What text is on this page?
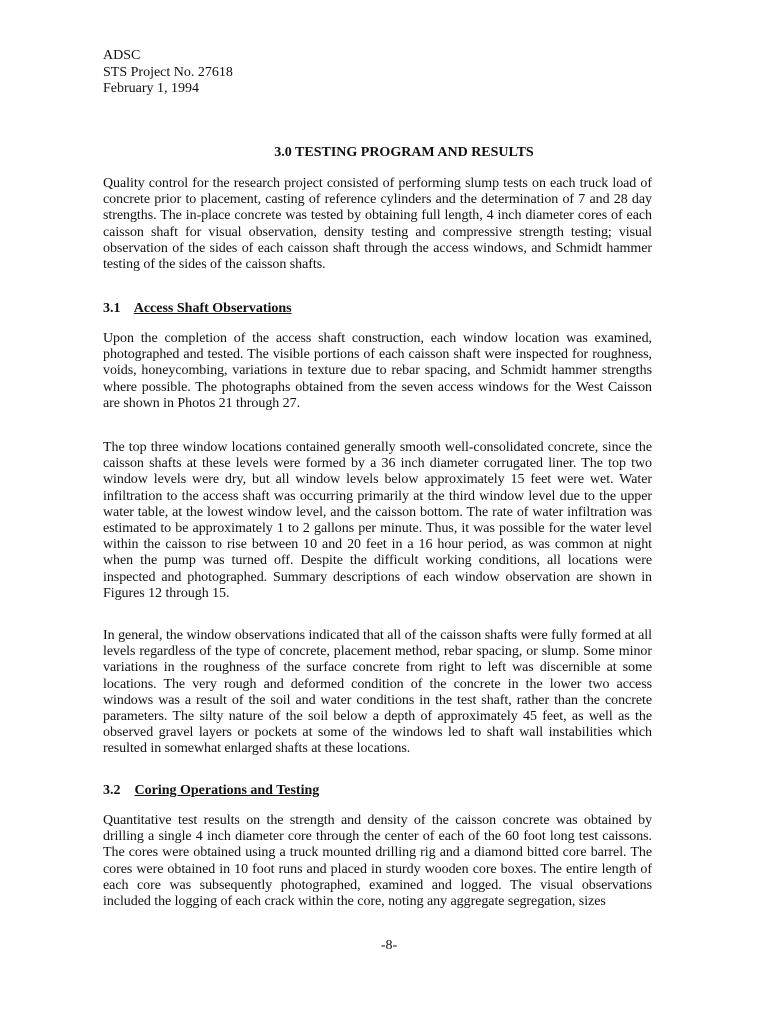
ADSC
STS Project No. 27618
February 1, 1994
3.0 TESTING PROGRAM AND RESULTS

Quality control for the research project consisted of performing slump tests on each truck load of concrete prior to placement, casting of reference cylinders and the determination of 7 and 28 day strengths. The in-place concrete was tested by obtaining full length, 4 inch diameter cores of each caisson shaft for visual observation, density testing and compressive strength testing; visual observation of the sides of each caisson shaft through the access windows, and Schmidt hammer testing of the sides of the caisson shafts.

3.1 Access Shaft Observations

Upon the completion of the access shaft construction, each window location was examined, photographed and tested. The visible portions of each caisson shaft were inspected for roughness, voids, honeycombing, variations in texture due to rebar spacing, and Schmidt hammer strengths where possible. The photographs obtained from the seven access windows for the West Caisson are shown in Photos 21 through 27.

The top three window locations contained generally smooth well-consolidated concrete, since the caisson shafts at these levels were formed by a 36 inch diameter corrugated liner. The top two window levels were dry, but all window levels below approximately 15 feet were wet. Water infiltration to the access shaft was occurring primarily at the third window level due to the upper water table, at the lowest window level, and the caisson bottom. The rate of water infiltration was estimated to be approximately 1 to 2 gallons per minute. Thus, it was possible for the water level within the caisson to rise between 10 and 20 feet in a 16 hour period, as was common at night when the pump was turned off. Despite the difficult working conditions, all locations were inspected and photographed. Summary descriptions of each window observation are shown in Figures 12 through 15.

In general, the window observations indicated that all of the caisson shafts were fully formed at all levels regardless of the type of concrete, placement method, rebar spacing, or slump. Some minor variations in the roughness of the surface concrete from right to left was discernible at some locations. The very rough and deformed condition of the concrete in the lower two access windows was a result of the soil and water conditions in the test shaft, rather than the concrete parameters. The silty nature of the soil below a depth of approximately 45 feet, as well as the observed gravel layers or pockets at some of the windows led to shaft wall instabilities which resulted in somewhat enlarged shafts at these locations.

3.2 Coring Operations and Testing

Quantitative test results on the strength and density of the caisson concrete was obtained by drilling a single 4 inch diameter core through the center of each of the 60 foot long test caissons. The cores were obtained using a truck mounted drilling rig and a diamond bitted core barrel. The cores were obtained in 10 foot runs and placed in sturdy wooden core boxes. The entire length of each core was subsequently photographed, examined and logged. The visual observations included the logging of each crack within the core, noting any aggregate segregation, sizes

-8-
